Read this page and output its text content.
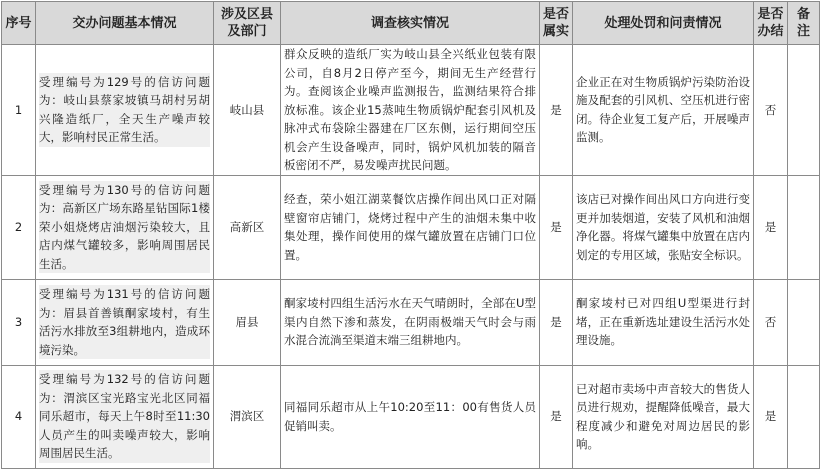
序号	交办问题基本情况	涉及区县及部门	调查核实情况	是否属实	处理处罚和问责情况	是否办结	备注
1	受理编号为129号的信访问题为：岐山县蔡家坡镇马胡村另胡兴隆造纸厂，全天生产噪声较大，影响村民正常生活。	岐山县	群众反映的造纸厂实为岐山县全兴纸业包装有限公司，自8月2日停产至今，期间无生产经营行为。查阅该企业噪声监测报告，监测结果符合排放标准。该企业15蒸吨生物质锅炉配套引风机及脉冲式布袋除尘器建在厂区东侧，运行期间空压机会产生设备噪声，同时，锅炉风机加装的隔音板密闭不严，易发噪声扰民问题。	是	企业正在对生物质锅炉污染防治设施及配套的引风机、空压机进行密闭。待企业复工复产后，开展噪声监测。	否	
2	受理编号为130号的信访问题为：高新区广场东路星钻国际1楼荣小姐烧烤店油烟污染较大，且店内煤气罐较多，影响周围居民生活。	高新区	经查，荣小姐江湖菜餐饮店操作间出风口正对隔壁窗帘店铺门，烧烤过程中产生的油烟未集中收集处理，操作间使用的煤气罐放置在店铺门口位置。	是	该店已对操作间出风口方向进行变更并加装烟道，安装了风机和油烟净化器。将煤气罐集中放置在店内划定的专用区域，张贴安全标识。	是	
3	受理编号为131号的信访问题为：眉县首善镇酮家堎村，有生活污水排放至3组耕地内，造成环境污染。	眉县	酮家堎村四组生活污水在天气晴朗时，全部在U型渠内自然下渗和蒸发，在阴雨极端天气时会与雨水混合流淌至渠道末端三组耕地内。	是	酮家堎村已对四组U型渠进行封堵，正在重新选址建设生活污水处理设施。	否	
4	受理编号为132号的信访问题为：渭滨区宝光路宝光北区同福同乐超市，每天上午8时至11:30人员产生的叫卖噪声较大，影响周围居民生活。	渭滨区	同福同乐超市从上午10:20至11：00有售货人员促销叫卖。	是	已对超市卖场中声音较大的售货人员进行规劝，提醒降低噪音，最大程度减少和避免对周边居民的影响。	是	
